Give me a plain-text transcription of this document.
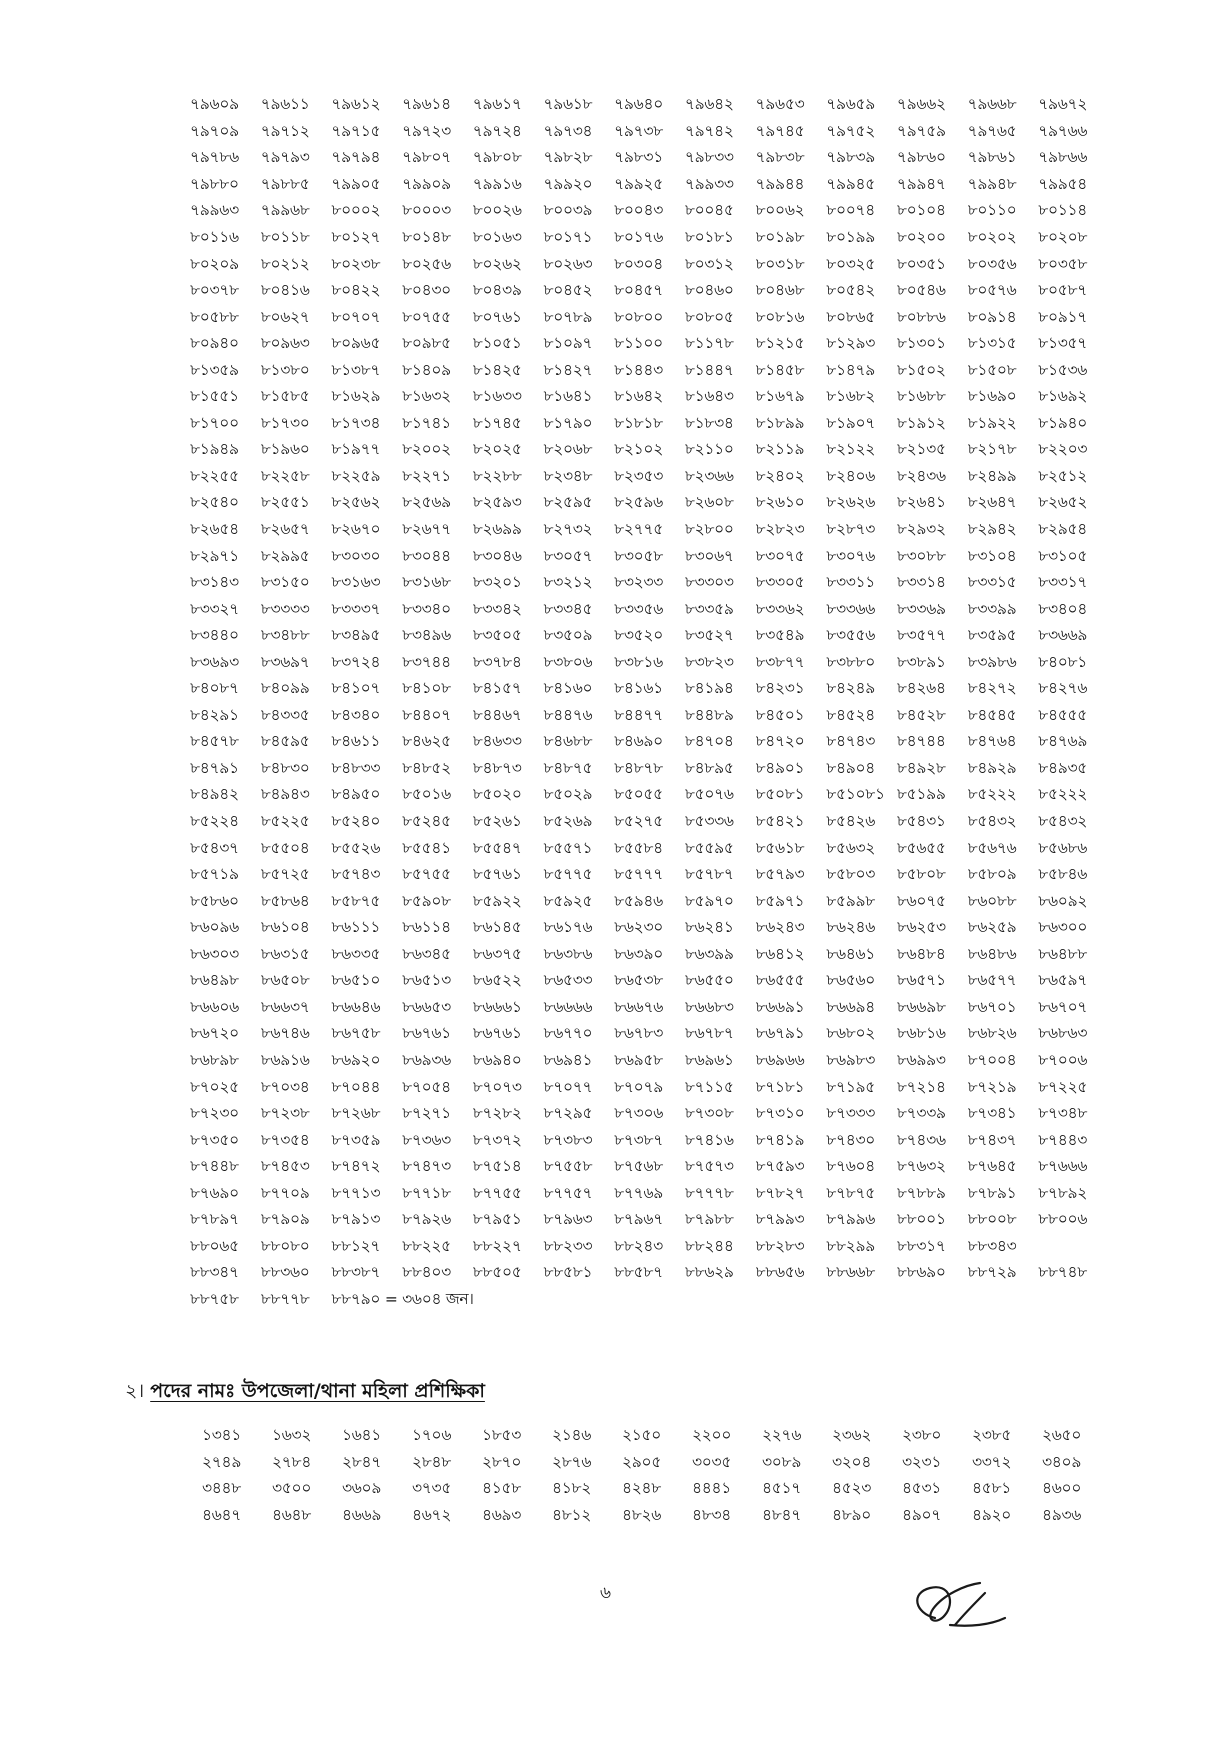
৭৯৬০৯	৭৯৬১১	৭৯৬১২	৭৯৬১৪	৭৯৬১৭	৭৯৬১৮	৭৯৬৪০	৭৯৬৪২	৭৯৬৫৩	৭৯৬৫৯	৭৯৬৬২	৭৯৬৬৮	৭৯৬৭২
৭৯৭০৯	৭৯৭১২	৭৯৭১৫	৭৯৭২৩	৭৯৭২৪	৭৯৭৩৪	৭৯৭৩৮	৭৯৭৪২	৭৯৭৪৫	৭৯৭৫২	৭৯৭৫৯	৭৯৭৬৫	৭৯৭৬৬
৭৯৭৮৬	৭৯৭৯৩	৭৯৭৯৪	৭৯৮০৭	৭৯৮০৮	৭৯৮২৮	৭৯৮৩১	৭৯৮৩৩	৭৯৮৩৮	৭৯৮৩৯	৭৯৮৬০	৭৯৮৬১	৭৯৮৬৬
৭৯৮৮০	৭৯৮৮৫	৭৯৯০৫	৭৯৯০৯	৭৯৯১৬	৭৯৯২০	৭৯৯২৫	৭৯৯৩৩	৭৯৯৪৪	৭৯৯৪৫	৭৯৯৪৭	৭৯৯৪৮	৭৯৯৫৪
৭৯৯৬৩	৭৯৯৬৮	৮০০০২	৮০০০৩	৮০০২৬	৮০০৩৯	৮০০৪৩	৮০০৪৫	৮০০৬২	৮০০৭৪	৮০১০৪	৮০১১০	৮০১১৪
৮০১১৬	৮০১১৮	৮০১২৭	৮০১৪৮	৮০১৬৩	৮০১৭১	৮০১৭৬	৮০১৮১	৮০১৯৮	৮০১৯৯	৮০২০০	৮০২০২	৮০২০৮
৮০২০৯	৮০২১২	৮০২৩৮	৮০২৫৬	৮০২৬২	৮০২৬৩	৮০৩০৪	৮০৩১২	৮০৩১৮	৮০৩২৫	৮০৩৫১	৮০৩৫৬	৮০৩৫৮
৮০৩৭৮	৮০৪১৬	৮০৪২২	৮০৪৩০	৮০৪৩৯	৮০৪৫২	৮০৪৫৭	৮০৪৬০	৮০৪৬৮	৮০৫৪২	৮০৫৪৬	৮০৫৭৬	৮০৫৮৭
৮০৫৮৮	৮০৬২৭	৮০৭০৭	৮০৭৫৫	৮০৭৬১	৮০৭৮৯	৮০৮০০	৮০৮০৫	৮০৮১৬	৮০৮৬৫	৮০৮৮৬	৮০৯১৪	৮০৯১৭
৮০৯৪০	৮০৯৬৩	৮০৯৬৫	৮০৯৮৫	৮১০৫১	৮১০৯৭	৮১১০০	৮১১৭৮	৮১২১৫	৮১২৯৩	৮১৩০১	৮১৩১৫	৮১৩৫৭
৮১৩৫৯	৮১৩৮০	৮১৩৮৭	৮১৪০৯	৮১৪২৫	৮১৪২৭	৮১৪৪৩	৮১৪৪৭	৮১৪৫৮	৮১৪৭৯	৮১৫০২	৮১৫০৮	৮১৫৩৬
৮১৫৫১	৮১৫৮৫	৮১৬২৯	৮১৬৩২	৮১৬৩৩	৮১৬৪১	৮১৬৪২	৮১৬৪৩	৮১৬৭৯	৮১৬৮২	৮১৬৮৮	৮১৬৯০	৮১৬৯২
৮১৭০০	৮১৭৩০	৮১৭৩৪	৮১৭৪১	৮১৭৪৫	৮১৭৯০	৮১৮১৮	৮১৮৩৪	৮১৮৯৯	৮১৯০৭	৮১৯১২	৮১৯২২	৮১৯৪০
৮১৯৪৯	৮১৯৬০	৮১৯৭৭	৮২০০২	৮২০২৫	৮২০৬৮	৮২১০২	৮২১১০	৮২১১৯	৮২১২২	৮২১৩৫	৮২১৭৮	৮২২০৩
৮২২৫৫	৮২২৫৮	৮২২৫৯	৮২২৭১	৮২২৮৮	৮২৩৪৮	৮২৩৫৩	৮২৩৬৬	৮২৪০২	৮২৪০৬	৮২৪৩৬	৮২৪৯৯	৮২৫১২
৮২৫৪০	৮২৫৫১	৮২৫৬২	৮২৫৬৯	৮২৫৯৩	৮২৫৯৫	৮২৫৯৬	৮২৬০৮	৮২৬১০	৮২৬২৬	৮২৬৪১	৮২৬৪৭	৮২৬৫২
৮২৬৫৪	৮২৬৫৭	৮২৬৭০	৮২৬৭৭	৮২৬৯৯	৮২৭৩২	৮২৭৭৫	৮২৮০০	৮২৮২৩	৮২৮৭৩	৮২৯৩২	৮২৯৪২	৮২৯৫৪
৮২৯৭১	৮২৯৯৫	৮৩০৩০	৮৩০৪৪	৮৩০৪৬	৮৩০৫৭	৮৩০৫৮	৮৩০৬৭	৮৩০৭৫	৮৩০৭৬	৮৩০৮৮	৮৩১০৪	৮৩১০৫
৮৩১৪৩	৮৩১৫০	৮৩১৬৩	৮৩১৬৮	৮৩২০১	৮৩২১২	৮৩২৩৩	৮৩৩০৩	৮৩৩০৫	৮৩৩১১	৮৩৩১৪	৮৩৩১৫	৮৩৩১৭
৮৩৩২৭	৮৩৩৩৩	৮৩৩৩৭	৮৩৩৪০	৮৩৩৪২	৮৩৩৪৫	৮৩৩৫৬	৮৩৩৫৯	৮৩৩৬২	৮৩৩৬৬	৮৩৩৬৯	৮৩৩৯৯	৮৩৪০৪
৮৩৪৪০	৮৩৪৮৮	৮৩৪৯৫	৮৩৪৯৬	৮৩৫০৫	৮৩৫০৯	৮৩৫২০	৮৩৫২৭	৮৩৫৪৯	৮৩৫৫৬	৮৩৫৭৭	৮৩৫৯৫	৮৩৬৬৯
৮৩৬৯৩	৮৩৬৯৭	৮৩৭২৪	৮৩৭৪৪	৮৩৭৮৪	৮৩৮০৬	৮৩৮১৬	৮৩৮২৩	৮৩৮৭৭	৮৩৮৮০	৮৩৮৯১	৮৩৯৮৬	৮৪০৮১
৮৪০৮৭	৮৪০৯৯	৮৪১০৭	৮৪১০৮	৮৪১৫৭	৮৪১৬০	৮৪১৬১	৮৪১৯৪	৮৪২৩১	৮৪২৪৯	৮৪২৬৪	৮৪২৭২	৮৪২৭৬
৮৪২৯১	৮৪৩৩৫	৮৪৩৪০	৮৪৪০৭	৮৪৪৬৭	৮৪৪৭৬	৮৪৪৭৭	৮৪৪৮৯	৮৪৫০১	৮৪৫২৪	৮৪৫২৮	৮৪৫৪৫	৮৪৫৫৫
৮৪৫৭৮	৮৪৫৯৫	৮৪৬১১	৮৪৬২৫	৮৪৬৩৩	৮৪৬৮৮	৮৪৬৯০	৮৪৭০৪	৮৪৭২০	৮৪৭৪৩	৮৪৭৪৪	৮৪৭৬৪	৮৪৭৬৯
৮৪৭৯১	৮৪৮৩০	৮৪৮৩৩	৮৪৮৫২	৮৪৮৭৩	৮৪৮৭৫	৮৪৮৭৮	৮৪৮৯৫	৮৪৯০১	৮৪৯০৪	৮৪৯২৮	৮৪৯২৯	৮৪৯৩৫
৮৪৯৪২	৮৪৯৪৩	৮৪৯৫০	৮৫০১৬	৮৫০২০	৮৫০২৯	৮৫০৫৫	৮৫০৭৬	৮৫০৮১	৮৫১০৮১ ৮৫১৯৯	৮৫২২২	৮৫২২২
৮৫২২৪	৮৫২২৫	৮৫২৪০	৮৫২৪৫	৮৫২৬১	৮৫২৬৯	৮৫২৭৫	৮৫৩৩৬	৮৫৪২১	৮৫৪২৬	৮৫৪৩১	৮৫৪৩২	৮৫৪৩২
৮৫৪৩৭	৮৫৫০৪	৮৫৫২৬	৮৫৫৪১	৮৫৫৪৭	৮৫৫৭১	৮৫৫৮৪	৮৫৫৯৫	৮৫৬১৮	৮৫৬৩২	৮৫৬৫৫	৮৫৬৭৬	৮৫৬৮৬
৮৫৭১৯	৮৫৭২৫	৮৫৭৪৩	৮৫৭৫৫	৮৫৭৬১	৮৫৭৭৫	৮৫৭৭৭	৮৫৭৮৭	৮৫৭৯৩	৮৫৮০৩	৮৫৮০৮	৮৫৮০৯	৮৫৮৪৬
৮৫৮৬০	৮৫৮৬৪	৮৫৮৭৫	৮৫৯০৮	৮৫৯২২	৮৫৯২৫	৮৫৯৪৬	৮৫৯৭০	৮৫৯৭১	৮৫৯৯৮	৮৬০৭৫	৮৬০৮৮	৮৬০৯২
৮৬০৯৬	৮৬১০৪	৮৬১১১	৮৬১১৪	৮৬১৪৫	৮৬১৭৬	৮৬২৩০	৮৬২৪১	৮৬২৪৩	৮৬২৪৬	৮৬২৫৩	৮৬২৫৯	৮৬৩০০
৮৬৩০৩	৮৬৩১৫	৮৬৩৩৫	৮৬৩৪৫	৮৬৩৭৫	৮৬৩৮৬	৮৬৩৯০	৮৬৩৯৯	৮৬৪১২	৮৬৪৬১	৮৬৪৮৪	৮৬৪৮৬	৮৬৪৮৮
৮৬৪৯৮	৮৬৫০৮	৮৬৫১০	৮৬৫১৩	৮৬৫২২	৮৬৫৩৩	৮৬৫৩৮	৮৬৫৫০	৮৬৫৫৫	৮৬৫৬০	৮৬৫৭১	৮৬৫৭৭	৮৬৫৯৭
৮৬৬০৬	৮৬৬৩৭	৮৬৬৪৬	৮৬৬৫৩	৮৬৬৬১	৮৬৬৬৬	৮৬৬৭৬	৮৬৬৮৩	৮৬৬৯১	৮৬৬৯৪	৮৬৬৯৮	৮৬৭০১	৮৬৭০৭
৮৬৭২০	৮৬৭৪৬	৮৬৭৫৮	৮৬৭৬১	৮৬৭৬১	৮৬৭৭০	৮৬৭৮৩	৮৬৭৮৭	৮৬৭৯১	৮৬৮০২	৮৬৮১৬	৮৬৮২৬	৮৬৮৬৩
৮৬৮৯৮	৮৬৯১৬	৮৬৯২০	৮৬৯৩৬	৮৬৯৪০	৮৬৯৪১	৮৬৯৫৮	৮৬৯৬১	৮৬৯৬৬	৮৬৯৮৩	৮৬৯৯৩	৮৭০০৪	৮৭০০৬
৮৭০২৫	৮৭০৩৪	৮৭০৪৪	৮৭০৫৪	৮৭০৭৩	৮৭০৭৭	৮৭০৭৯	৮৭১১৫	৮৭১৮১	৮৭১৯৫	৮৭২১৪	৮৭২১৯	৮৭২২৫
৮৭২৩০	৮৭২৩৮	৮৭২৬৮	৮৭২৭১	৮৭২৮২	৮৭২৯৫	৮৭৩০৬	৮৭৩০৮	৮৭৩১০	৮৭৩৩৩	৮৭৩৩৯	৮৭৩৪১	৮৭৩৪৮
৮৭৩৫০	৮৭৩৫৪	৮৭৩৫৯	৮৭৩৬৩	৮৭৩৭২	৮৭৩৮৩	৮৭৩৮৭	৮৭৪১৬	৮৭৪১৯	৮৭৪৩০	৮৭৪৩৬	৮৭৪৩৭	৮৭৪৪৩
৮৭৪৪৮	৮৭৪৫৩	৮৭৪৭২	৮৭৪৭৩	৮৭৫১৪	৮৭৫৫৮	৮৭৫৬৮	৮৭৫৭৩	৮৭৫৯৩	৮৭৬০৪	৮৭৬৩২	৮৭৬৪৫	৮৭৬৬৬
৮৭৬৯০	৮৭৭০৯	৮৭৭১৩	৮৭৭১৮	৮৭৭৫৫	৮৭৭৫৭	৮৭৭৬৯	৮৭৭৭৮	৮৭৮২৭	৮৭৮৭৫	৮৭৮৮৯	৮৭৮৯১	৮৭৮৯২
৮৭৮৯৭	৮৭৯০৯	৮৭৯১৩	৮৭৯২৬	৮৭৯৫১	৮৭৯৬৩	৮৭৯৬৭	৮৭৯৮৮	৮৭৯৯৩	৮৭৯৯৬	৮৮০০১	৮৮০০৮	৮৮০০৬
৮৮০৬৫	৮৮০৮০	৮৮১২৭	৮৮২২৫	৮৮২২৭	৮৮২৩৩	৮৮২৪৩	৮৮২৪৪	৮৮২৮৩	৮৮২৯৯	৮৮৩১৭	৮৮৩৪৩
৮৮৩৪৭	৮৮৩৬০	৮৮৩৮৭	৮৮৪০৩	৮৮৫০৫	৮৮৫৮১	৮৮৫৮৭	৮৮৬২৯	৮৮৬৫৬	৮৮৬৬৮	৮৮৬৯০	৮৮৭২৯	৮৮৭৪৮
৮৮৭৫৮	৮৮৭৭৮	৮৮৭৯০ = ৩৬০৪ জন।
২। পদের নামঃ উপজেলা/থানা মহিলা প্রশিক্ষিকা
১৩৪১	১৬৩২	১৬৪১	১৭০৬	১৮৫৩	২১৪৬	২১৫০	২২০০	২২৭৬	২৩৬২	২৩৮০	২৩৮৫	২৬৫০
২৭৪৯	২৭৮৪	২৮৪৭	২৮৪৮	২৮৭০	২৮৭৬	২৯০৫	৩০৩৫	৩০৮৯	৩২০৪	৩২৩১	৩৩৭২	৩৪০৯
৩৪৪৮	৩৫০০	৩৬০৯	৩৭৩৫	৪১৫৮	৪১৮২	৪২৪৮	৪৪৪১	৪৫১৭	৪৫২৩	৪৫৩১	৪৫৮১	৪৬০০
৪৬৪৭	৪৬৪৮	৪৬৬৯	৪৬৭২	৪৬৯৩	৪৮১২	৪৮২৬	৪৮৩৪	৪৮৪৭	৪৮৯০	৪৯০৭	৪৯২০	৪৯৩৬
৬
